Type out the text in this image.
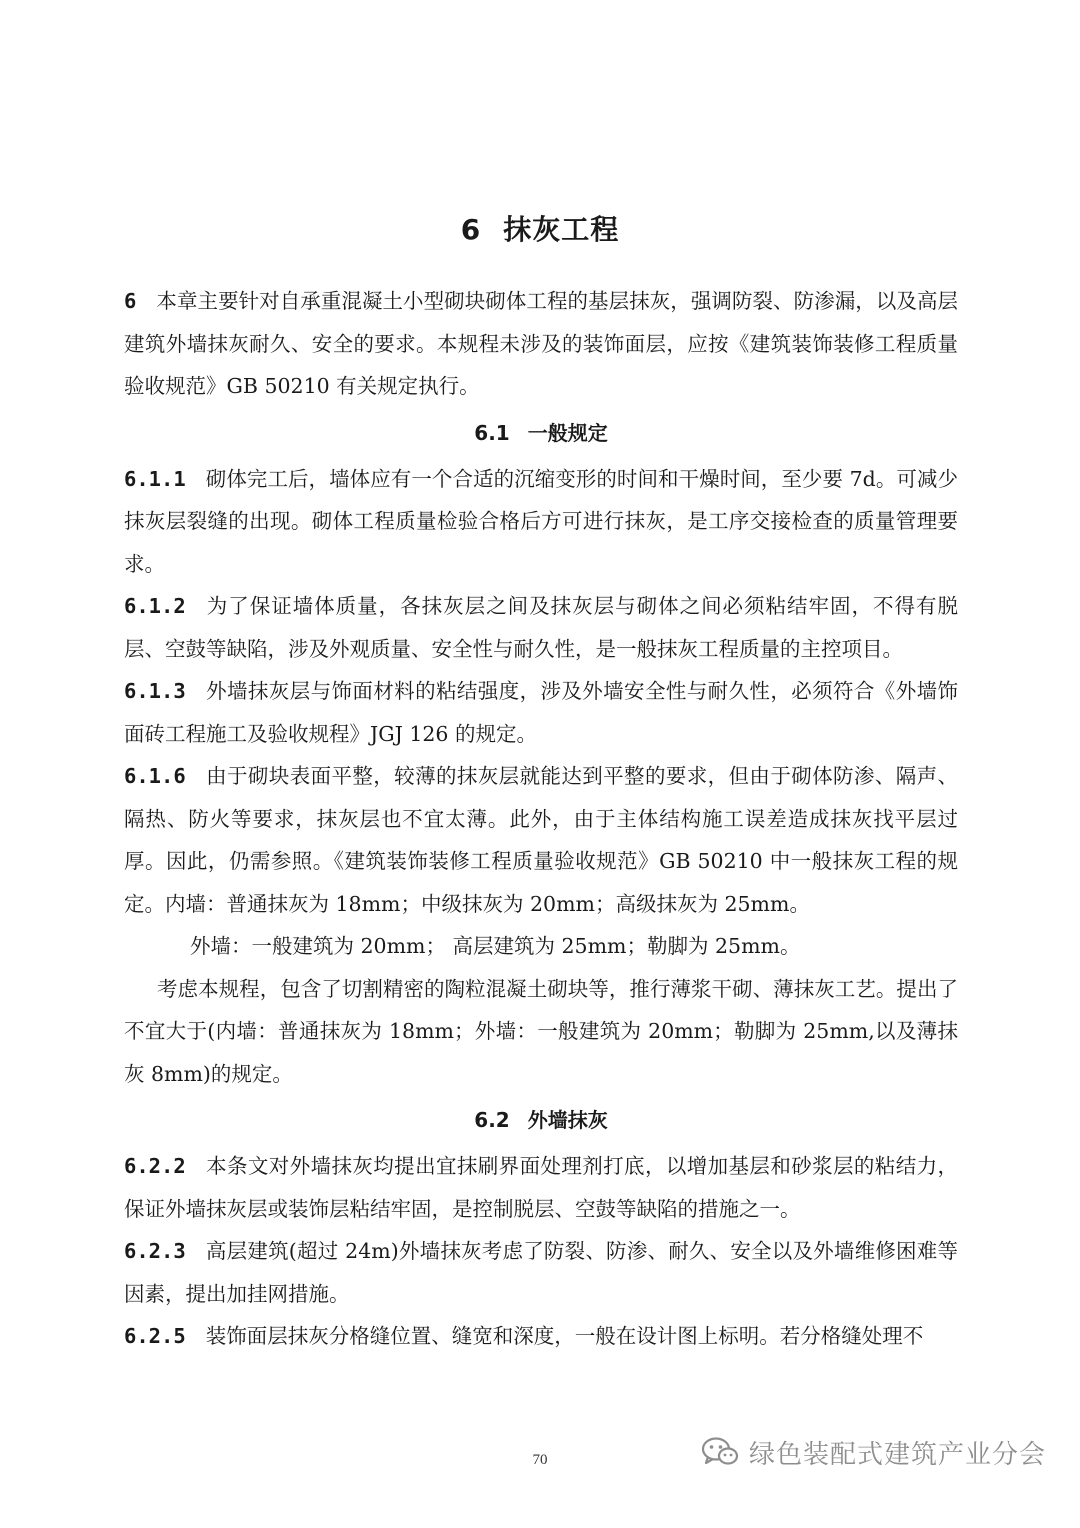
6 抹灰工程

6 本章主要针对自承重混凝土小型砌块砌体工程的基层抹灰，强调防裂、防渗漏，以及高层建筑外墙抹灰耐久、安全的要求。本规程未涉及的装饰面层，应按《建筑装饰装修工程质量验收规范》GB 50210 有关规定执行。

6.1 一般规定

6.1.1 砌体完工后，墙体应有一个合适的沉缩变形的时间和干燥时间，至少要 7d。可减少抹灰层裂缝的出现。砌体工程质量检验合格后方可进行抹灰，是工序交接检查的质量管理要求。

6.1.2 为了保证墙体质量，各抹灰层之间及抹灰层与砌体之间必须粘结牢固，不得有脱层、空鼓等缺陷，涉及外观质量、安全性与耐久性，是一般抹灰工程质量的主控项目。

6.1.3 外墙抹灰层与饰面材料的粘结强度，涉及外墙安全性与耐久性，必须符合《外墙饰面砖工程施工及验收规程》JGJ 126 的规定。

6.1.6 由于砌块表面平整，较薄的抹灰层就能达到平整的要求，但由于砌体防渗、隔声、隔热、防火等要求，抹灰层也不宜太薄。此外，由于主体结构施工误差造成抹灰找平层过厚。因此，仍需参照。《建筑装饰装修工程质量验收规范》GB 50210 中一般抹灰工程的规定。内墙：普通抹灰为 18mm；中级抹灰为 20mm；高级抹灰为 25mm。

外墙：一般建筑为 20mm； 高层建筑为 25mm；勒脚为 25mm。

考虑本规程，包含了切割精密的陶粒混凝土砌块等，推行薄浆干砌、薄抹灰工艺。提出了不宜大于(内墙：普通抹灰为 18mm；外墙：一般建筑为 20mm；勒脚为 25mm,以及薄抹灰 8mm)的规定。

6.2 外墙抹灰

6.2.2 本条文对外墙抹灰均提出宜抹刷界面处理剂打底，以增加基层和砂浆层的粘结力，保证外墙抹灰层或装饰层粘结牢固，是控制脱层、空鼓等缺陷的措施之一。

6.2.3 高层建筑(超过 24m)外墙抹灰考虑了防裂、防渗、耐久、安全以及外墙维修困难等因素，提出加挂网措施。

6.2.5 装饰面层抹灰分格缝位置、缝宽和深度，一般在设计图上标明。若分格缝处理不

70	绿色装配式建筑产业分会
